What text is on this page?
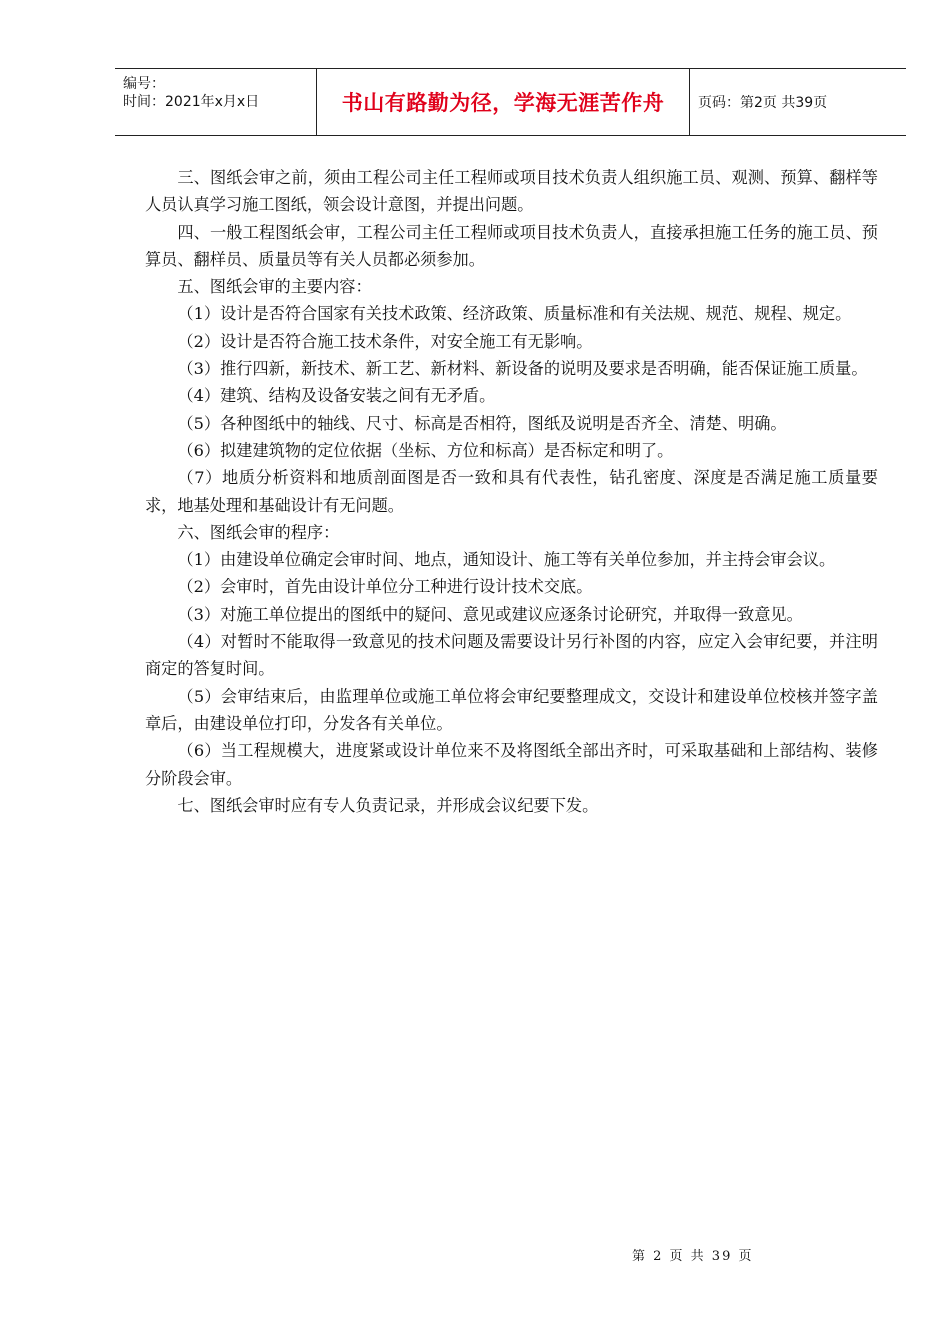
编号：
时间：2021年x月x日	书山有路勤为径，学海无涯苦作舟 页码：第2页 共39页

三、图纸会审之前，须由工程公司主任工程师或项目技术负责人组织施工员、观测、预算、翻样等人员认真学习施工图纸，领会设计意图，并提出问题。

四、一般工程图纸会审，工程公司主任工程师或项目技术负责人，直接承担施工任务的施工员、预算员、翻样员、质量员等有关人员都必须参加。

五、图纸会审的主要内容：

（1）设计是否符合国家有关技术政策、经济政策、质量标准和有关法规、规范、规程、规定。

（2）设计是否符合施工技术条件，对安全施工有无影响。

（3）推行四新，新技术、新工艺、新材料、新设备的说明及要求是否明确，能否保证施工质量。

（4）建筑、结构及设备安装之间有无矛盾。

（5）各种图纸中的轴线、尺寸、标高是否相符，图纸及说明是否齐全、清楚、明确。

（6）拟建建筑物的定位依据（坐标、方位和标高）是否标定和明了。

（7）地质分析资料和地质剖面图是否一致和具有代表性，钻孔密度、深度是否满足施工质量要求，地基处理和基础设计有无问题。

六、图纸会审的程序：

（1）由建设单位确定会审时间、地点，通知设计、施工等有关单位参加，并主持会审会议。

（2）会审时，首先由设计单位分工种进行设计技术交底。

（3）对施工单位提出的图纸中的疑问、意见或建议应逐条讨论研究，并取得一致意见。

（4）对暂时不能取得一致意见的技术问题及需要设计另行补图的内容，应定入会审纪要，并注明商定的答复时间。

（5）会审结束后，由监理单位或施工单位将会审纪要整理成文，交设计和建设单位校核并签字盖章后，由建设单位打印，分发各有关单位。

（6）当工程规模大，进度紧或设计单位来不及将图纸全部出齐时，可采取基础和上部结构、装修分阶段会审。

七、图纸会审时应有专人负责记录，并形成会议纪要下发。

第 2 页 共 39 页
